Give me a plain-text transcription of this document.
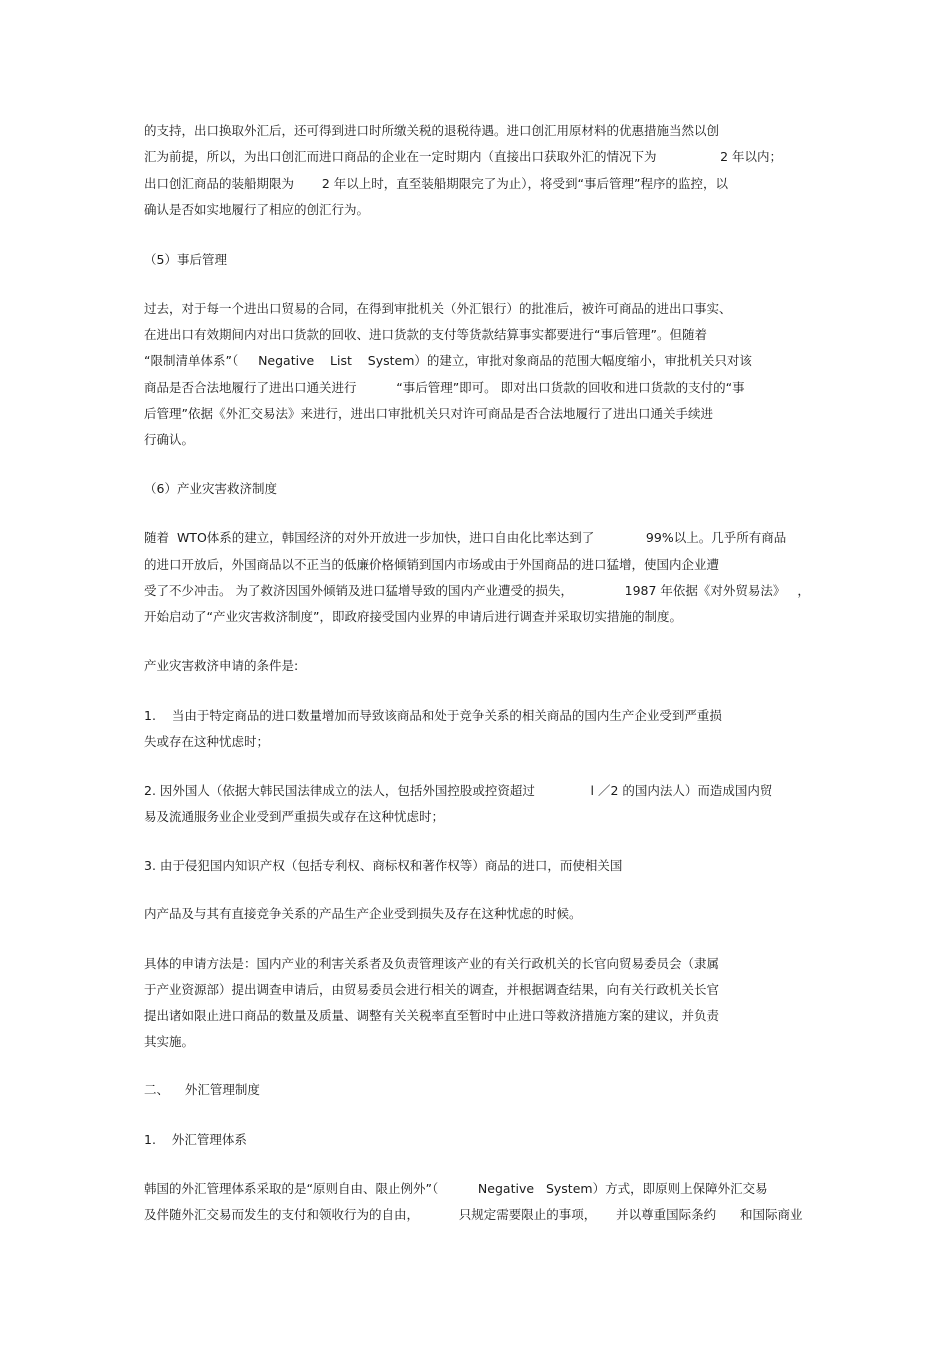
的支持，出口换取外汇后，还可得到进口时所缴关税的退税待遇。进口创汇用原材料的优惠措施当然以创
汇为前提，所以，为出口创汇而进口商品的企业在一定时期内（直接出口获取外汇的情况下为                2 年以内；
出口创汇商品的装船期限为       2 年以上时，直至装船期限完了为止），将受到“事后管理”程序的监控，以
确认是否如实地履行了相应的创汇行为。
（5）事后管理
过去，对于每一个进出口贸易的合同，在得到审批机关（外汇银行）的批准后，被许可商品的进出口事实、
在进出口有效期间内对出口货款的回收、进口货款的支付等货款结算事实都要进行“事后管理”。但随着
“限制清单体系”（     Negative    List    System）的建立，审批对象商品的范围大幅度缩小，审批机关只对该
商品是否合法地履行了进出口通关进行          “事后管理”即可。 即对出口货款的回收和进口货款的支付的“事
后管理”依据《外汇交易法》来进行，进出口审批机关只对许可商品是否合法地履行了进出口通关手续进
行确认。
（6）产业灾害救济制度
随着  WTO体系的建立，韩国经济的对外开放进一步加快，进口自由化比率达到了             99%以上。几乎所有商品
的进口开放后，外国商品以不正当的低廉价格倾销到国内市场或由于外国商品的进口猛增，使国内企业遭
受了不少冲击。 为了救济因国外倾销及进口猛增导致的国内产业遭受的损失，             1987 年依据《对外贸易法》   ，
开始启动了“产业灾害救济制度”，即政府接受国内业界的申请后进行调查并采取切实措施的制度。
产业灾害救济申请的条件是:
1.    当由于特定商品的进口数量增加而导致该商品和处于竞争关系的相关商品的国内生产企业受到严重损
失或存在这种忧虑时；
2. 因外国人（依据大韩民国法律成立的法人，包括外国控股或控资超过              l ／2 的国内法人）而造成国内贸
易及流通服务业企业受到严重损失或存在这种忧虑时；
3. 由于侵犯国内知识产权（包括专利权、商标权和著作权等）商品的进口，而使相关国
内产品及与其有直接竞争关系的产品生产企业受到损失及存在这种忧虑的时候。
具体的申请方法是：国内产业的利害关系者及负责管理该产业的有关行政机关的长官向贸易委员会（隶属
于产业资源部）提出调查申请后，由贸易委员会进行相关的调查，并根据调查结果，向有关行政机关长官
提出诸如限止进口商品的数量及质量、调整有关关税率直至暂时中止进口等救济措施方案的建议，并负责
其实施。
二、    外汇管理制度
1.    外汇管理体系
韩国的外汇管理体系采取的是“原则自由、限止例外”（          Negative   System）方式，即原则上保障外汇交易
及伴随外汇交易而发生的支付和领收行为的自由，          只规定需要限止的事项，     并以尊重国际条约      和国际商业
